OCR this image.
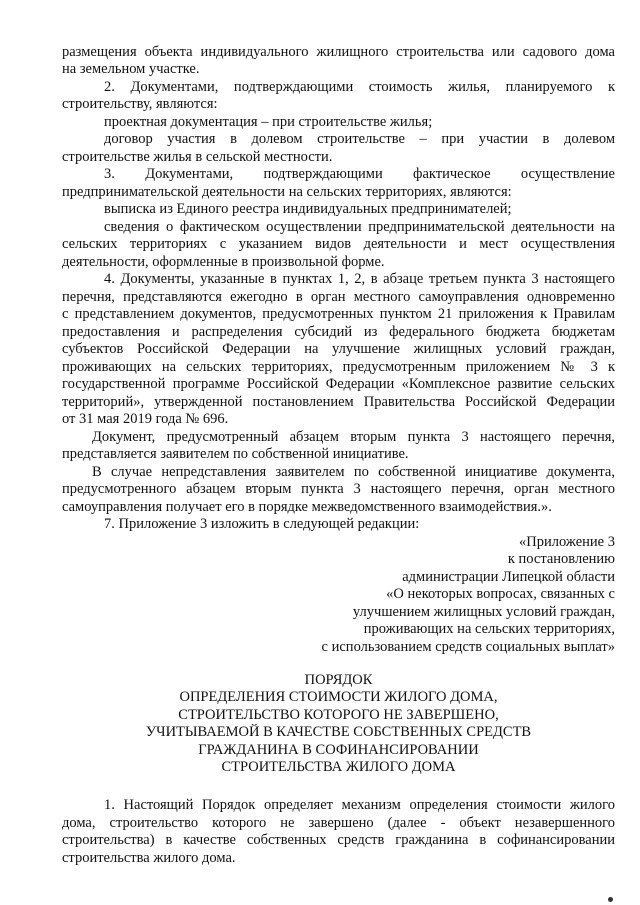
размещения объекта индивидуального жилищного строительства или садового дома

на земельном участке.

2. Документами, подтверждающими стоимость жилья, планируемого к

строительству, являются:

проектная документация – при строительстве жилья;

договор участия в долевом строительстве – при участии в долевом

строительстве жилья в сельской местности.

3. Документами, подтверждающими фактическое осуществление

предпринимательской деятельности на сельских территориях, являются:

выписка из Единого реестра индивидуальных предпринимателей;

сведения о фактическом осуществлении предпринимательской деятельности на

сельских территориях с указанием видов деятельности и мест осуществления

деятельности, оформленные в произвольной форме.

4. Документы, указанные в пунктах 1, 2, в абзаце третьем пункта 3 настоящего

перечня, представляются ежегодно в орган местного самоуправления одновременно

с представлением документов, предусмотренных пунктом 21 приложения к Правилам

предоставления и распределения субсидий из федерального бюджета бюджетам

субъектов Российской Федерации на улучшение жилищных условий граждан,

проживающих на сельских территориях, предусмотренным приложением № 3 к

государственной программе Российской Федерации «Комплексное развитие сельских

территорий», утвержденной постановлением Правительства Российской Федерации

от 31 мая 2019 года № 696.

Документ, предусмотренный абзацем вторым пункта 3 настоящего перечня,

представляется заявителем по собственной инициативе.

В случае непредставления заявителем по собственной инициативе документа,

предусмотренного абзацем вторым пункта 3 настоящего перечня, орган местного

самоуправления получает его в порядке межведомственного взаимодействия.».

7. Приложение 3 изложить в следующей редакции:

«Приложение 3

к постановлению

администрации Липецкой области

«О некоторых вопросах, связанных с

улучшением жилищных условий граждан,

проживающих на сельских территориях,

с использованием средств социальных выплат»

ПОРЯДОК

ОПРЕДЕЛЕНИЯ СТОИМОСТИ ЖИЛОГО ДОМА,

СТРОИТЕЛЬСТВО КОТОРОГО НЕ ЗАВЕРШЕНО,

УЧИТЫВАЕМОЙ В КАЧЕСТВЕ СОБСТВЕННЫХ СРЕДСТВ

ГРАЖДАНИНА В СОФИНАНСИРОВАНИИ

СТРОИТЕЛЬСТВА ЖИЛОГО ДОМА

1. Настоящий Порядок определяет механизм определения стоимости жилого

дома, строительство которого не завершено (далее - объект незавершенного

строительства) в качестве собственных средств гражданина в софинансировании

строительства жилого дома.
